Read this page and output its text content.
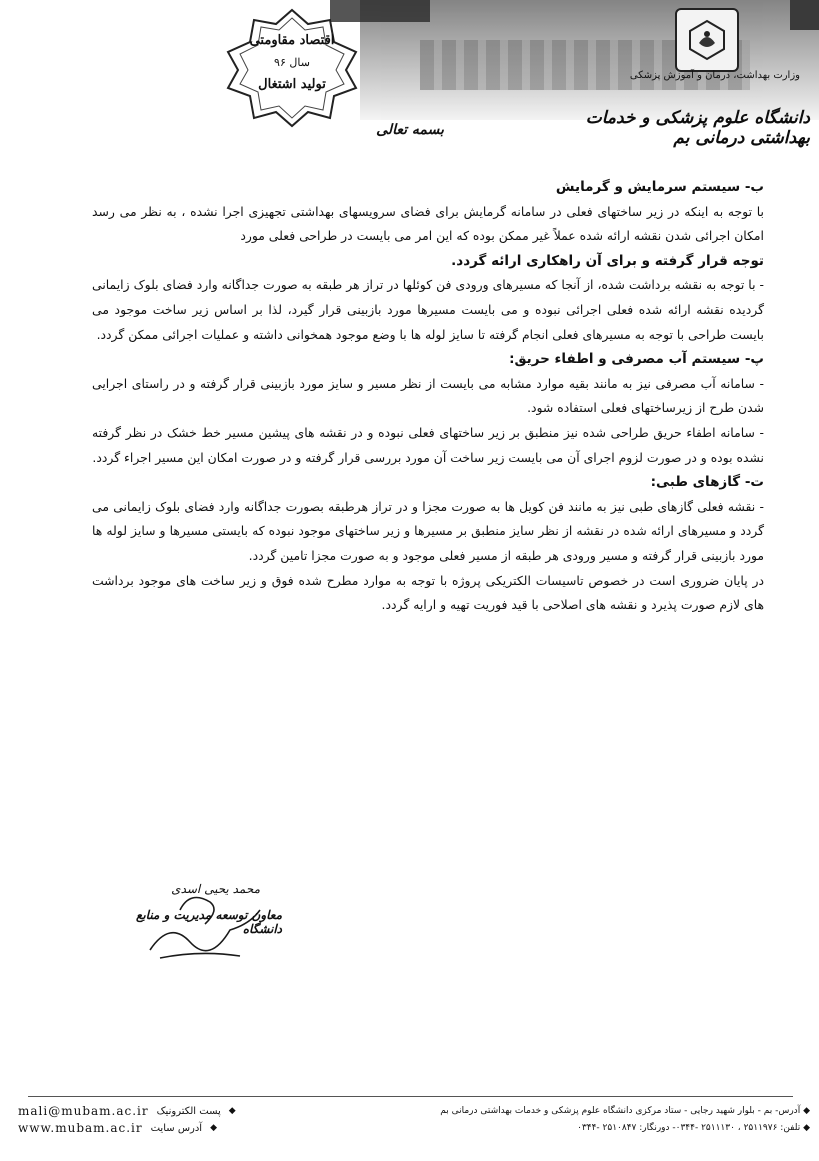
اقتصاد مقاومتی
سال ۹۶
تولید اشتغال
وزارت بهداشت، درمان و آموزش پزشکی
دانشگاه علوم پزشکی و خدمات بهداشتی درمانی بم
بسمه تعالی

ب- سیستم سرمایش و گرمایش

با توجه به اینکه در زیر ساختهای فعلی در سامانه گرمایش برای فضای سرویسهای بهداشتی تجهیزی اجرا نشده ، به نظر می رسد امکان اجرائی شدن نقشه ارائه شده عملاً غیر ممکن بوده که این امر می بایست در طراحی فعلی مورد

توجه قرار گرفته و برای آن راهکاری ارائه گردد.

- با توجه به نقشه برداشت شده، از آنجا که مسیرهای ورودی فن کوئلها در تراز هر طبقه به صورت جداگانه وارد فضای بلوک زایمانی گردیده نقشه ارائه شده فعلی اجرائی نبوده و می بایست مسیرها مورد بازبینی قرار گیرد، لذا بر اساس زیر ساخت موجود می بایست طراحی با توجه به مسیرهای فعلی انجام گرفته تا سایز لوله ها با وضع موجود همخوانی داشته و عملیات اجرائی ممکن گردد.

پ- سیستم آب مصرفی و اطفاء حریق:

- سامانه آب مصرفی نیز به مانند بقیه موارد مشابه می بایست از نظر مسیر و سایز مورد بازبینی قرار گرفته و در راستای اجرایی شدن طرح از زیرساختهای فعلی استفاده شود.

- سامانه اطفاء حریق طراحی شده نیز منطبق بر زیر ساختهای فعلی نبوده و در نقشه های پیشین مسیر خط خشک در نظر گرفته نشده بوده و در صورت لزوم اجرای آن می بایست زیر ساخت آن مورد بررسی قرار گرفته و در صورت امکان این مسیر اجراء گردد.

ت- گازهای طبی:

- نقشه فعلی گازهای طبی نیز به مانند فن کویل ها به صورت مجزا و در تراز هرطبقه بصورت جداگانه وارد فضای بلوک زایمانی می گردد و مسیرهای ارائه شده در نقشه از نظر سایز منطبق بر مسیرها و زیر ساختهای موجود نبوده که بایستی مسیرها و سایز لوله ها مورد بازبینی قرار گرفته و مسیر ورودی هر طبقه از مسیر فعلی موجود و به صورت مجزا تامین گردد.

در پایان ضروری است در خصوص تاسیسات الکتریکی پروژه با توجه به موارد مطرح شده فوق و زیر ساخت های موجود برداشت های لازم صورت پذیرد و نقشه های اصلاحی با قید فوریت تهیه و ارایه گردد.

محمد یحیی اسدی
معاون توسعه مدیریت و منابع دانشگاه
mali@mubam.ac.ir پست الکترونیک ◆
www.mubam.ac.ir آدرس سایت ◆
◆ آدرس- بم - بلوار شهید رجایی - ستاد مرکزی دانشگاه علوم پزشکی و خدمات بهداشتی درمانی بم
◆ تلفن: ۲۵۱۱۹۷۶ ، ۲۵۱۱۱۳۰ -۰۳۴۴- دورنگار: ۲۵۱۰۸۴۷ -۰۳۴۴
